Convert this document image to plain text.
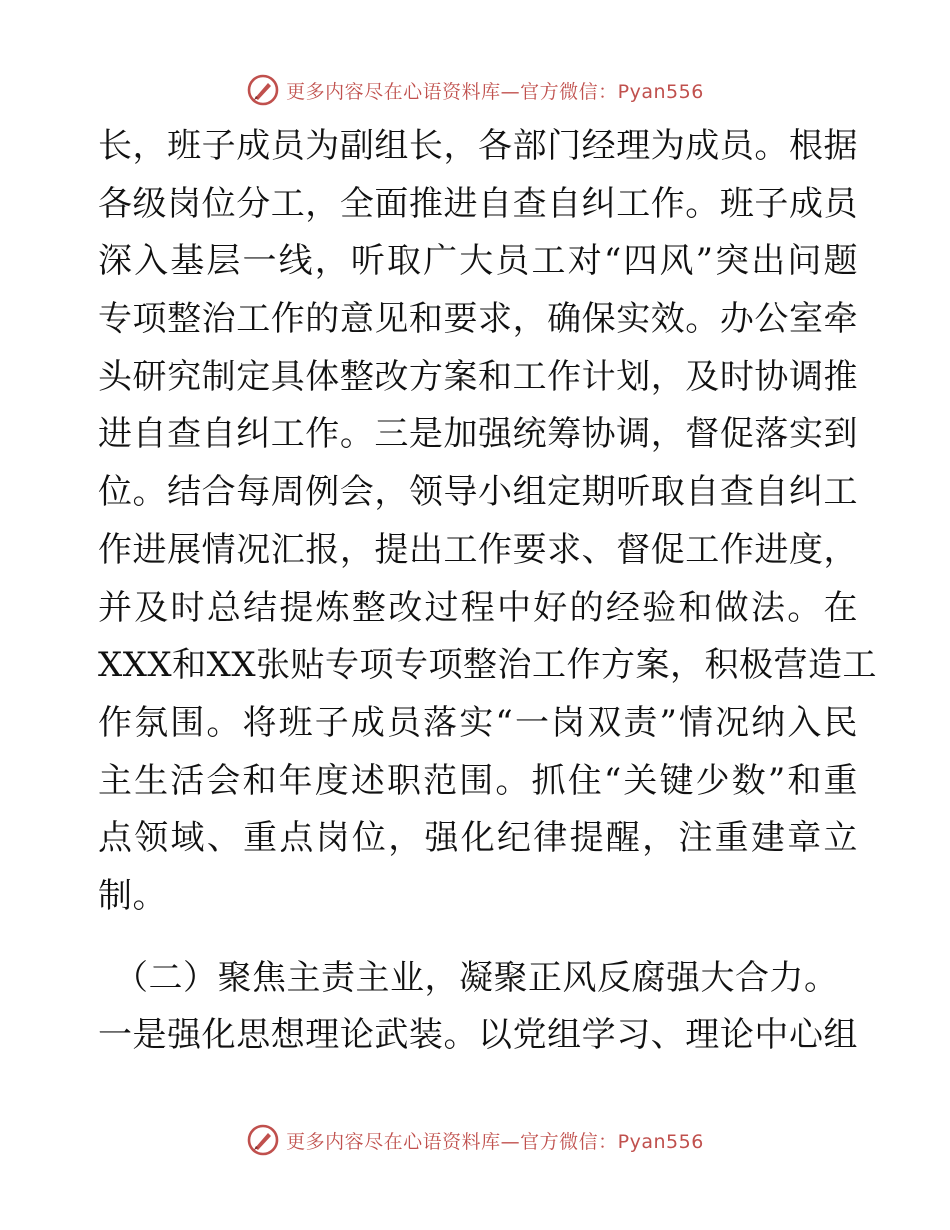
更多内容尽在心语资料库—官方微信：Pyan556
长，班子成员为副组长，各部门经理为成员。根据
各级岗位分工，全面推进自查自纠工作。班子成员
深入基层一线，听取广大员工对“四风”突出问题
专项整治工作的意见和要求，确保实效。办公室牵
头研究制定具体整改方案和工作计划，及时协调推
进自查自纠工作。三是加强统筹协调，督促落实到
位。结合每周例会，领导小组定期听取自查自纠工
作进展情况汇报，提出工作要求、督促工作进度，
并及时总结提炼整改过程中好的经验和做法。在
XXX和XX张贴专项专项整治工作方案，积极营造工
作氛围。将班子成员落实“一岗双责”情况纳入民
主生活会和年度述职范围。抓住“关键少数”和重
点领域、重点岗位，强化纪律提醒，注重建章立
制。
（二）聚焦主责主业，凝聚正风反腐强大合力。
一是强化思想理论武装。以党组学习、理论中心组
更多内容尽在心语资料库—官方微信：Pyan556
